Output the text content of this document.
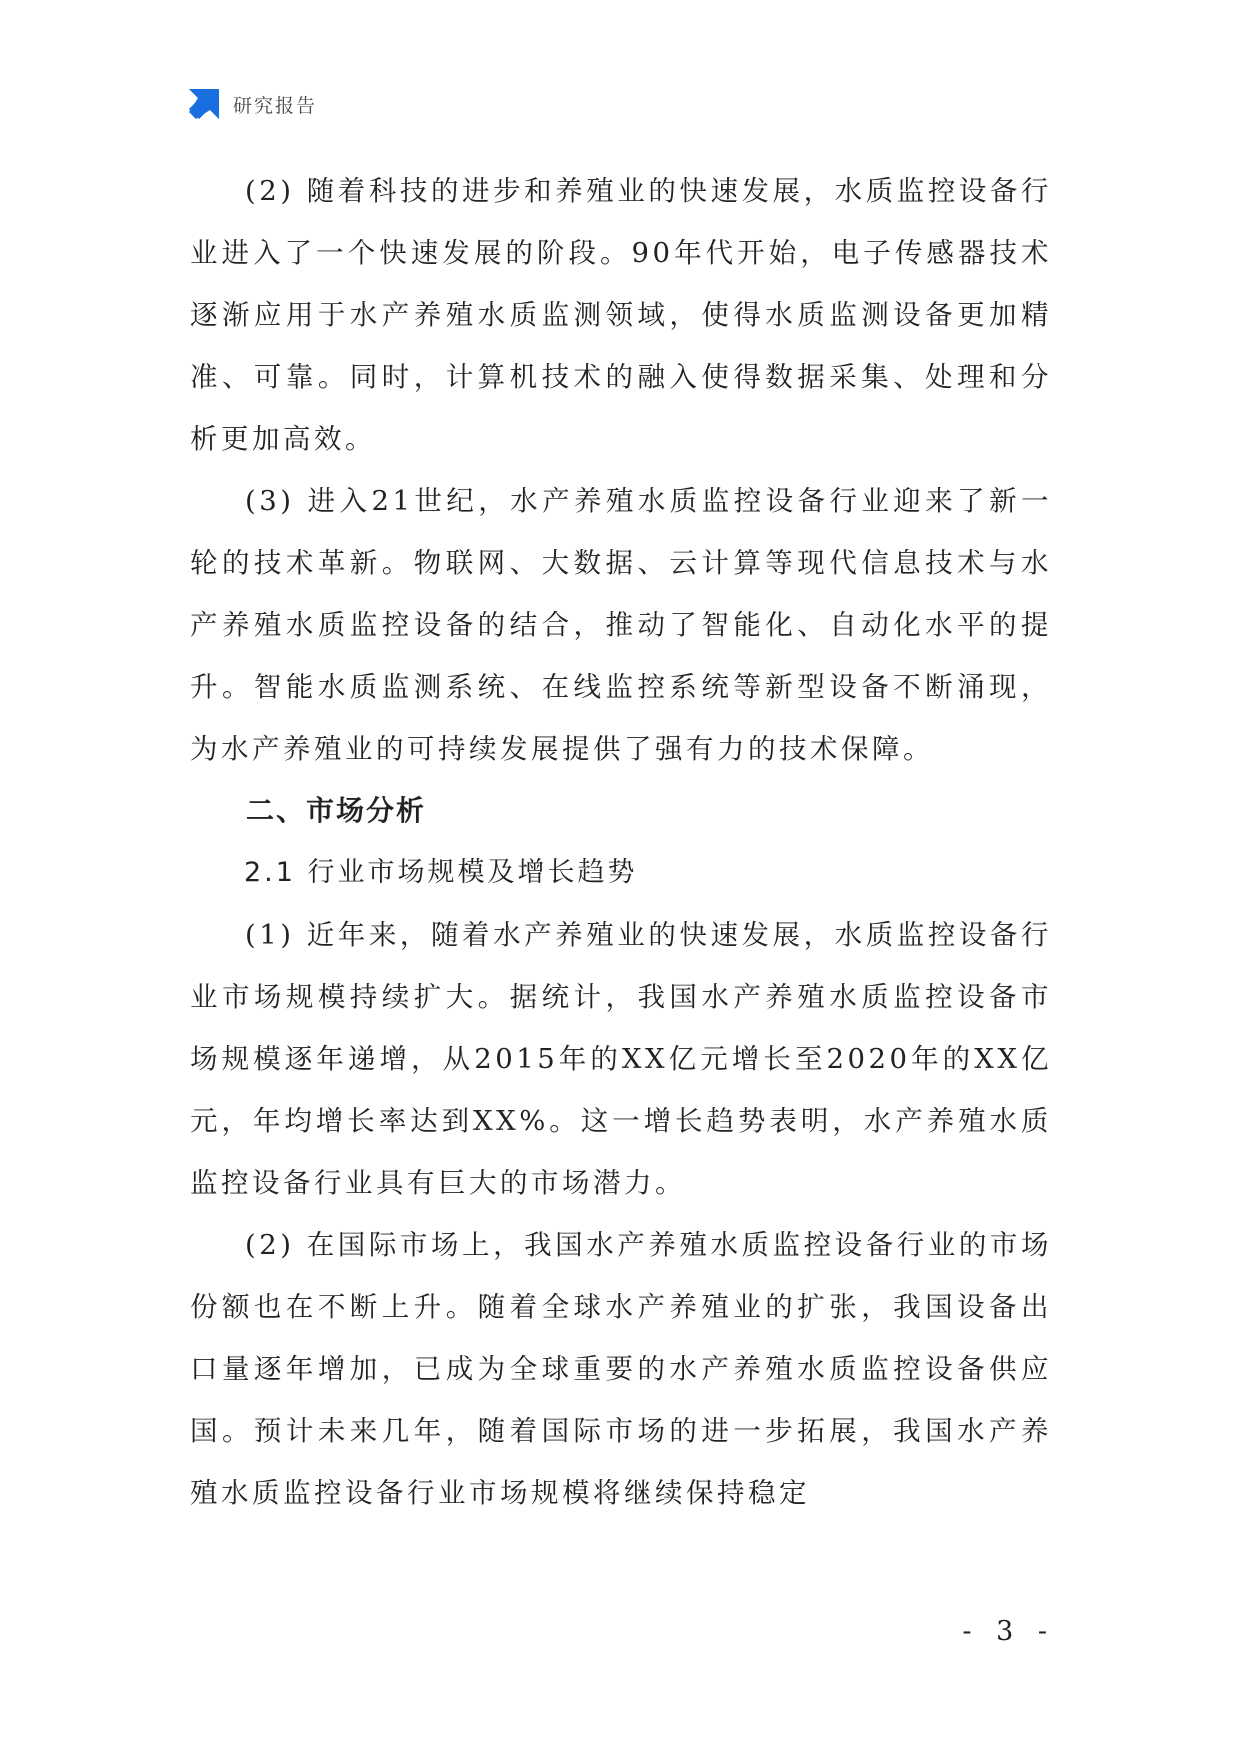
研究报告

(2) 随着科技的进步和养殖业的快速发展，水质监控设备行业进入了一个快速发展的阶段。90年代开始，电子传感器技术逐渐应用于水产养殖水质监测领域，使得水质监测设备更加精准、可靠。同时，计算机技术的融入使得数据采集、处理和分析更加高效。

(3) 进入21世纪，水产养殖水质监控设备行业迎来了新一轮的技术革新。物联网、大数据、云计算等现代信息技术与水产养殖水质监控设备的结合，推动了智能化、自动化水平的提升。智能水质监测系统、在线监控系统等新型设备不断涌现，为水产养殖业的可持续发展提供了强有力的技术保障。

二、市场分析

2.1 行业市场规模及增长趋势

(1) 近年来，随着水产养殖业的快速发展，水质监控设备行业市场规模持续扩大。据统计，我国水产养殖水质监控设备市场规模逐年递增，从2015年的XX亿元增长至2020年的XX亿元，年均增长率达到XX%。这一增长趋势表明，水产养殖水质监控设备行业具有巨大的市场潜力。

(2) 在国际市场上，我国水产养殖水质监控设备行业的市场份额也在不断上升。随着全球水产养殖业的扩张，我国设备出口量逐年增加，已成为全球重要的水产养殖水质监控设备供应国。预计未来几年，随着国际市场的进一步拓展，我国水产养殖水质监控设备行业市场规模将继续保持稳定

- 3 -
